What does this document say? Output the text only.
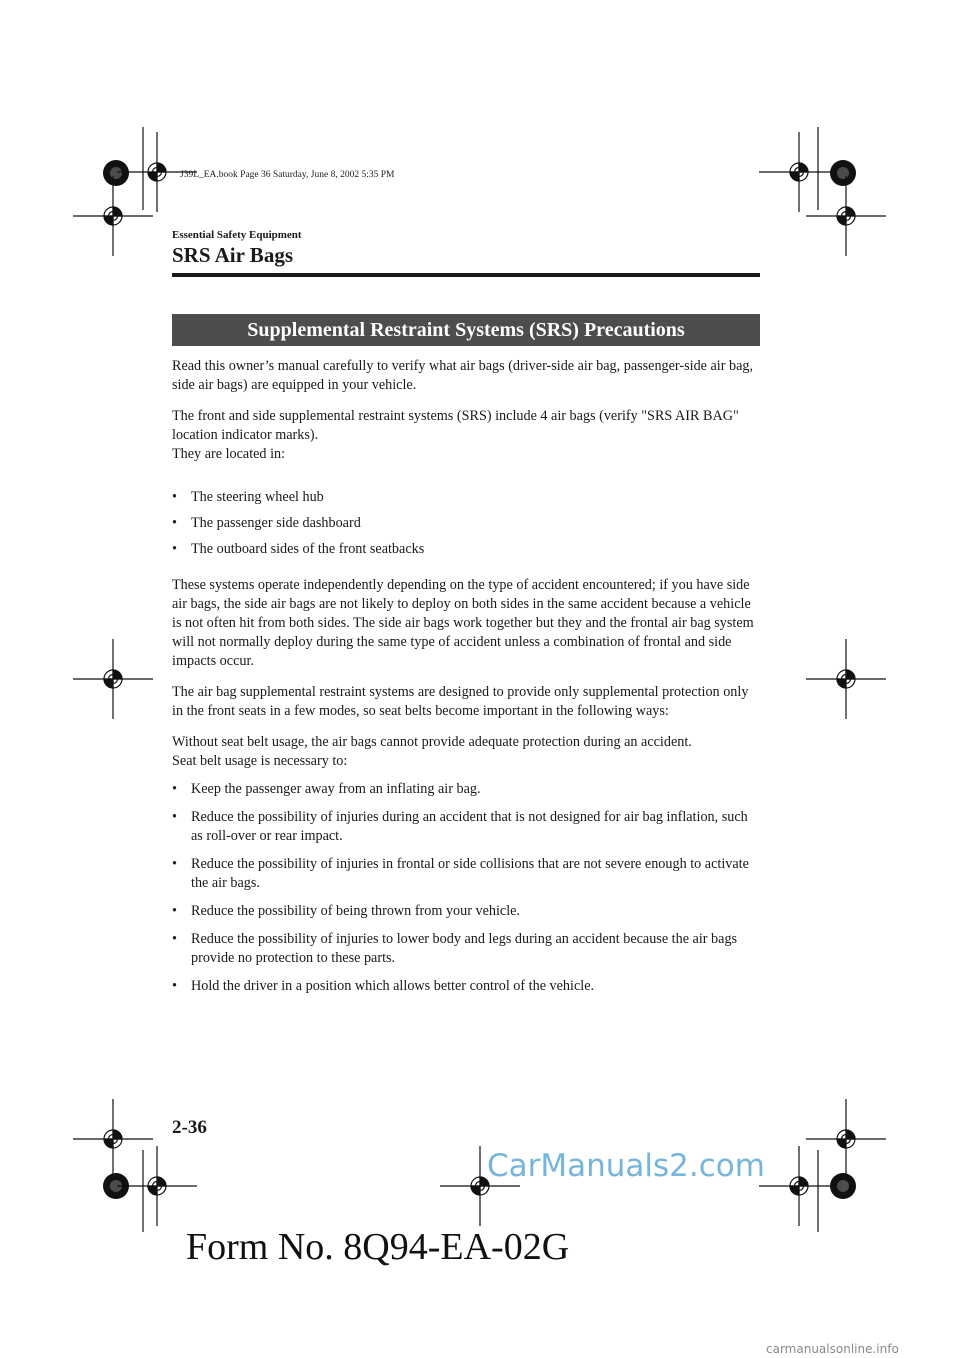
J39L_EA.book Page 36 Saturday, June 8, 2002 5:35 PM
Essential Safety Equipment
SRS Air Bags
Supplemental Restraint Systems (SRS) Precautions

Read this owner’s manual carefully to verify what air bags (driver-side air bag, passenger-side air bag, side air bags) are equipped in your vehicle.

The front and side supplemental restraint systems (SRS) include 4 air bags (verify "SRS AIR BAG" location indicator marks).

They are located in:

• The steering wheel hub
• The passenger side dashboard
• The outboard sides of the front seatbacks

These systems operate independently depending on the type of accident encountered; if you have side air bags, the side air bags are not likely to deploy on both sides in the same accident because a vehicle is not often hit from both sides. The side air bags work together but they and the frontal air bag system will not normally deploy during the same type of accident unless a combination of frontal and side impacts occur.

The air bag supplemental restraint systems are designed to provide only supplemental protection only in the front seats in a few modes, so seat belts become important in the following ways:

Without seat belt usage, the air bags cannot provide adequate protection during an accident.

Seat belt usage is necessary to:

• Keep the passenger away from an inflating air bag.
• Reduce the possibility of injuries during an accident that is not designed for air bag inflation, such as roll-over or rear impact.
• Reduce the possibility of injuries in frontal or side collisions that are not severe enough to activate the air bags.
• Reduce the possibility of being thrown from your vehicle.
• Reduce the possibility of injuries to lower body and legs during an accident because the air bags provide no protection to these parts.
• Hold the driver in a position which allows better control of the vehicle.
2-36
CarManuals2.com
Form No. 8Q94-EA-02G
carmanualsonline.info
